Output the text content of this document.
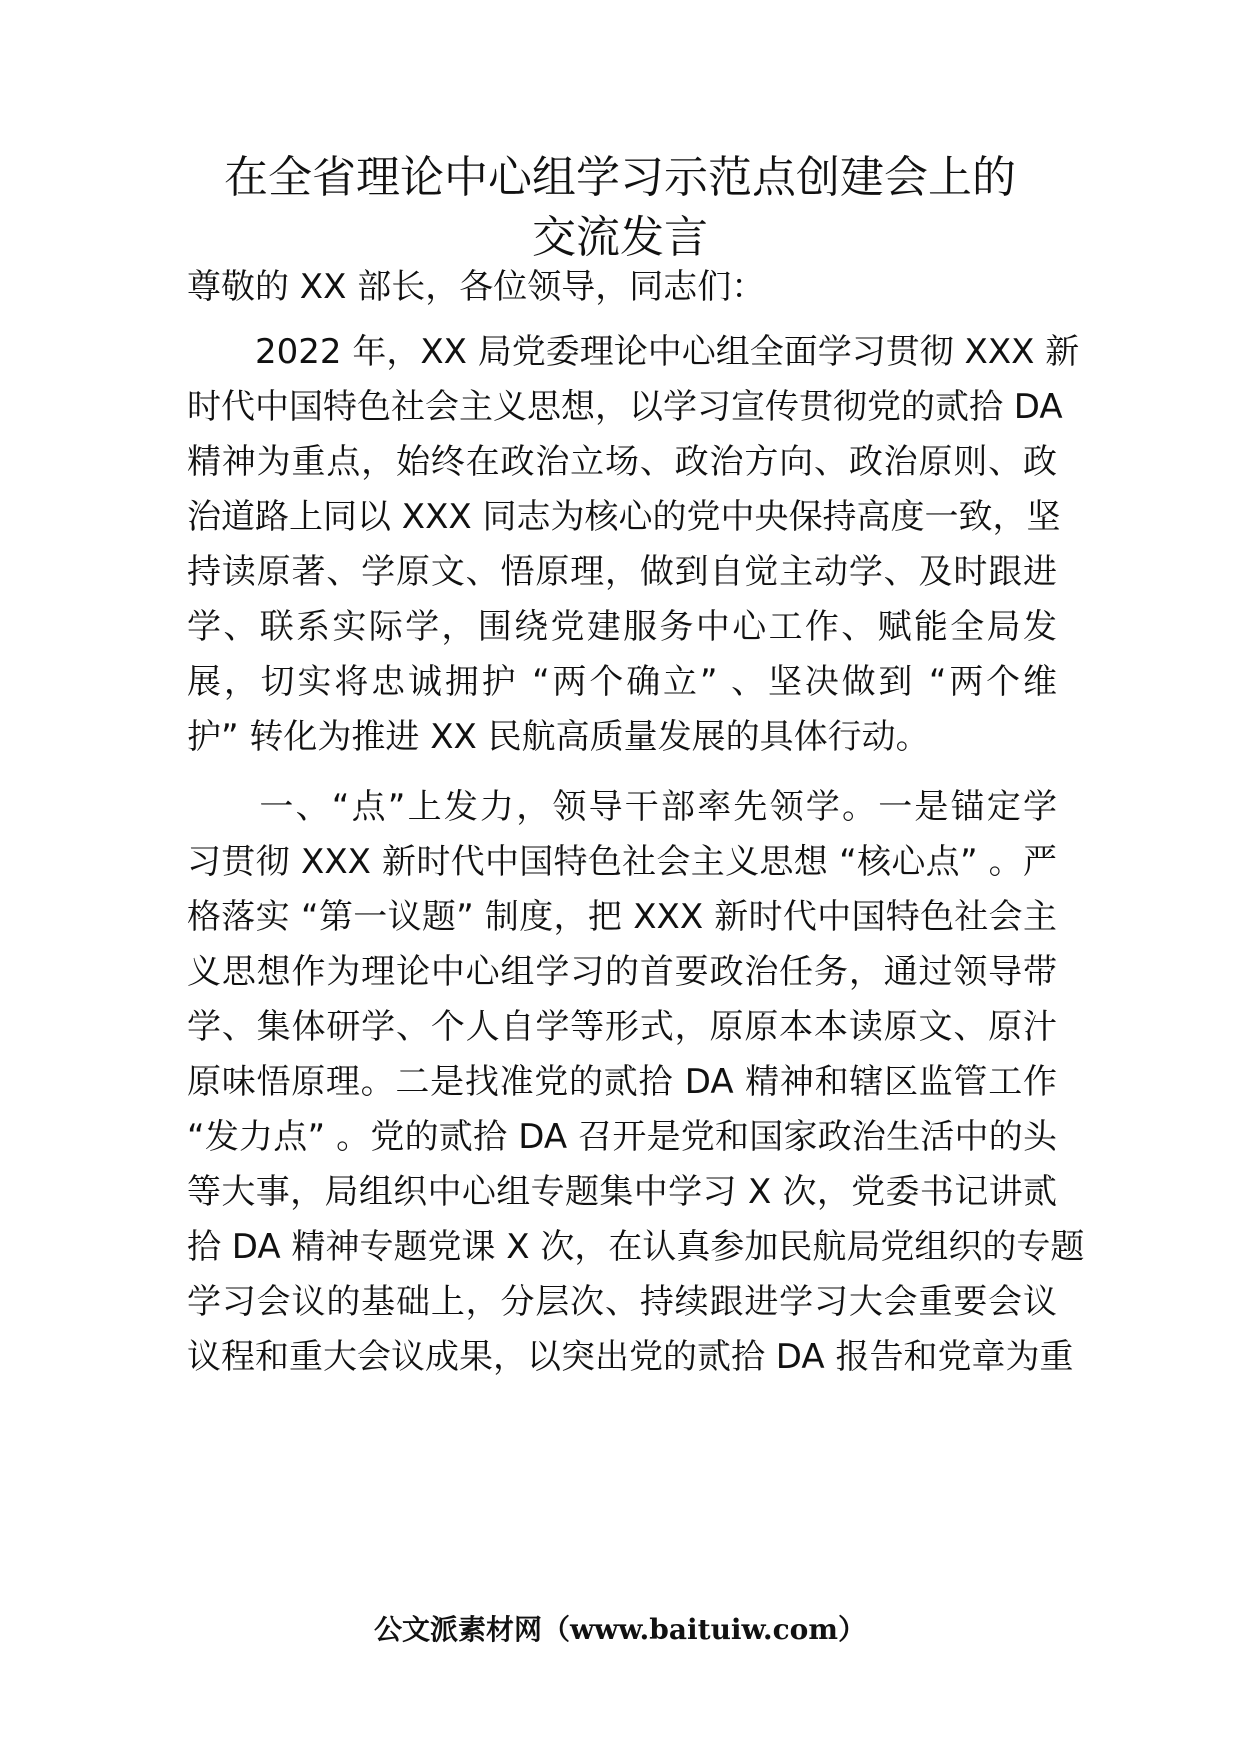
在全省理论中心组学习示范点创建会上的
交流发言
尊敬的 XX 部长，各位领导，同志们：
　　2022 年，XX 局党委理论中心组全面学习贯彻 XXX 新
时代中国特色社会主义思想，以学习宣传贯彻党的贰拾 DA
精神为重点，始终在政治立场、政治方向、政治原则、政
治道路上同以 XXX 同志为核心的党中央保持高度一致，坚
持读原著、学原文、悟原理，做到自觉主动学、及时跟进
学、联系实际学，围绕党建服务中心工作、赋能全局发
展，切实将忠诚拥护 “两个确立” 、坚决做到 “两个维
护” 转化为推进 XX 民航高质量发展的具体行动。
　　一、“点”上发力，领导干部率先领学。一是锚定学
习贯彻 XXX 新时代中国特色社会主义思想 “核心点” 。严
格落实 “第一议题” 制度，把 XXX 新时代中国特色社会主
义思想作为理论中心组学习的首要政治任务，通过领导带
学、集体研学、个人自学等形式，原原本本读原文、原汁
原味悟原理。二是找准党的贰拾 DA 精神和辖区监管工作
“发力点” 。党的贰拾 DA 召开是党和国家政治生活中的头
等大事，局组织中心组专题集中学习 X 次，党委书记讲贰
拾 DA 精神专题党课 X 次，在认真参加民航局党组织的专题
学习会议的基础上，分层次、持续跟进学习大会重要会议
议程和重大会议成果，以突出党的贰拾 DA 报告和党章为重
公文派素材网（www.baituiw.com）
